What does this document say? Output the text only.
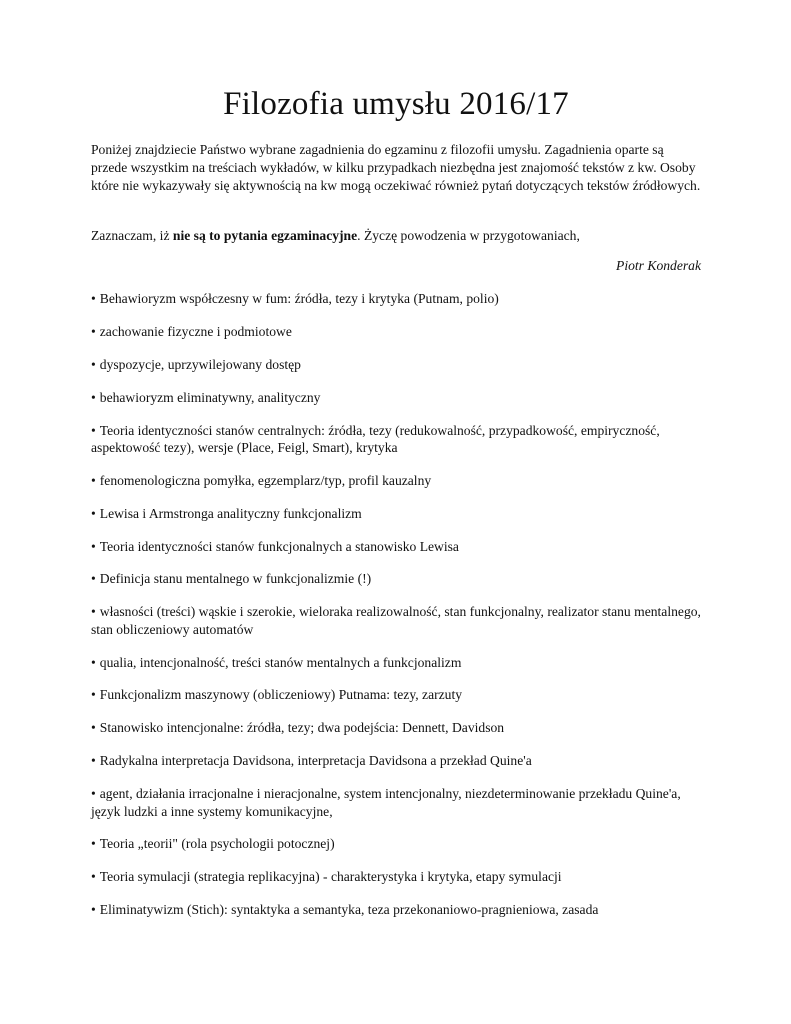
Filozofia umysłu 2016/17

Poniżej znajdziecie Państwo wybrane zagadnienia do egzaminu z filozofii umysłu. Zagadnienia oparte są przede wszystkim na treściach wykładów, w kilku przypadkach niezbędna jest znajomość tekstów z kw. Osoby które nie wykazywały się aktywnością na kw mogą oczekiwać również pytań dotyczących tekstów źródłowych.

Zaznaczam, iż nie są to pytania egzaminacyjne. Życzę powodzenia w przygotowaniach,

Piotr Konderak

• Behawioryzm współczesny w fum: źródła, tezy i krytyka (Putnam, polio)
• zachowanie fizyczne i podmiotowe
• dyspozycje, uprzywilejowany dostęp
• behawioryzm eliminatywny, analityczny
• Teoria identyczności stanów centralnych: źródła, tezy (redukowalność, przypadkowość, empiryczność, aspektowość tezy), wersje (Place, Feigl, Smart), krytyka
• fenomenologiczna pomyłka, egzemplarz/typ, profil kauzalny
• Lewisa i Armstronga analityczny funkcjonalizm
• Teoria identyczności stanów funkcjonalnych a stanowisko Lewisa
• Definicja stanu mentalnego w funkcjonalizmie (!)
• własności (treści) wąskie i szerokie, wieloraka realizowalność, stan funkcjonalny, realizator stanu mentalnego, stan obliczeniowy automatów
• qualia, intencjonalność, treści stanów mentalnych a funkcjonalizm
• Funkcjonalizm maszynowy (obliczeniowy) Putnama: tezy, zarzuty
• Stanowisko intencjonalne: źródła, tezy; dwa podejścia: Dennett, Davidson
• Radykalna interpretacja Davidsona, interpretacja Davidsona a przekład Quine'a
• agent, działania irracjonalne i nieracjonalne, system intencjonalny, niezdeterminowanie przekładu Quine'a, język ludzki a inne systemy komunikacyjne,
• Teoria „teorii" (rola psychologii potocznej)
• Teoria symulacji (strategia replikacyjna) - charakterystyka i krytyka, etapy symulacji
• Eliminatywizm (Stich): syntaktyka a semantyka, teza przekonaniowo-pragnieniowa, zasada
